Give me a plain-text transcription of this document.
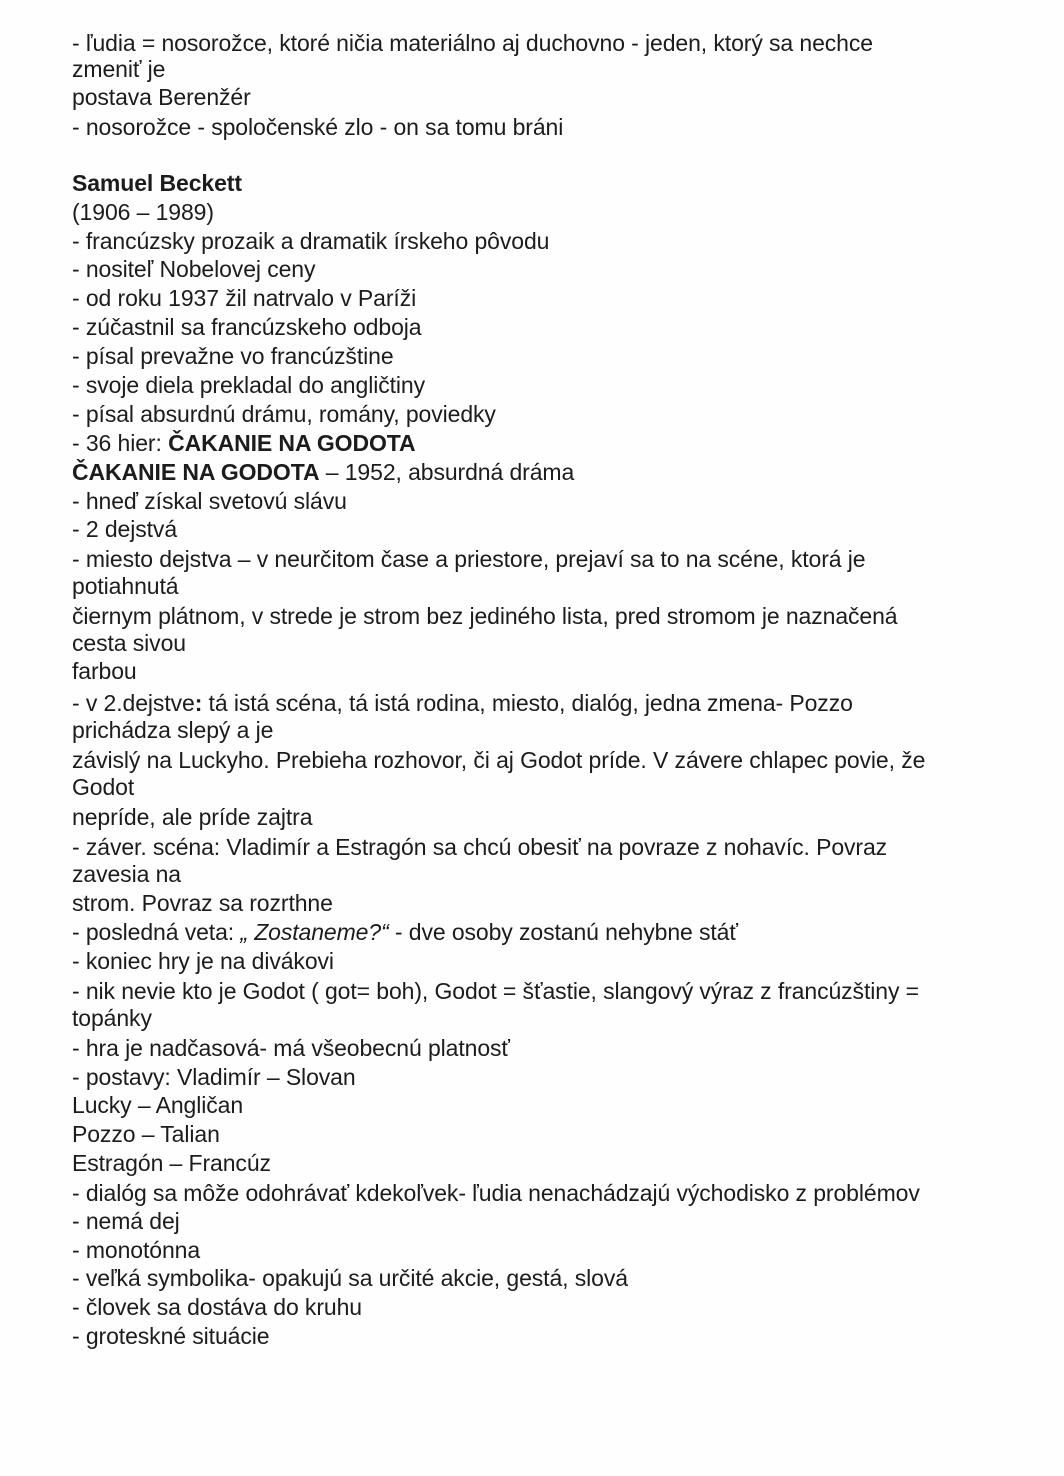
- ľudia = nosorožce, ktoré ničia materiálno aj duchovno - jeden, ktorý sa nechce
zmeniť je
postava Berenžér
- nosorožce - spoločenské zlo - on sa tomu bráni
Samuel Beckett
(1906 – 1989)
- francúzsky prozaik a dramatik írskeho pôvodu
- nositeľ Nobelovej ceny
- od roku 1937 žil natrvalo v Paríži
- zúčastnil sa francúzskeho odboja
- písal prevažne vo francúzštine
- svoje diela prekladal do angličtiny
- písal absurdnú drámu, romány, poviedky
- 36 hier: ČAKANIE NA GODOTA
ČAKANIE NA GODOTA – 1952, absurdná dráma
- hneď získal svetovú slávu
- 2 dejstvá
- miesto dejstva – v neurčitom čase a priestore, prejaví sa to na scéne, ktorá je
potiahnutá
čiernym plátnom, v strede je strom bez jediného lista, pred stromom je naznačená
cesta sivou
farbou
- v 2.dejstve: tá istá scéna, tá istá rodina, miesto, dialóg, jedna zmena- Pozzo
prichádza slepý a je
závislý na Luckyho. Prebieha rozhovor, či aj Godot príde. V závere chlapec povie, že
Godot
nepríde, ale príde zajtra
- záver. scéna: Vladimír a Estragón sa chcú obesiť na povraze z nohavíc. Povraz
zavesia na
strom. Povraz sa rozrthne
- posledná veta: „ Zostaneme?“ - dve osoby zostanú nehybne stáť
- koniec hry je na divákovi
- nik nevie kto je Godot ( got= boh), Godot = šťastie, slangový výraz z francúzštiny =
topánky
- hra je nadčasová- má všeobecnú platnosť
- postavy: Vladimír – Slovan
Lucky – Angličan
Pozzo – Talian
Estragón – Francúz
- dialóg sa môže odohrávať kdekoľvek- ľudia nenachádzajú východisko z problémov
- nemá dej
- monotónna
- veľká symbolika- opakujú sa určité akcie, gestá, slová
- človek sa dostáva do kruhu
- groteskné situácie
